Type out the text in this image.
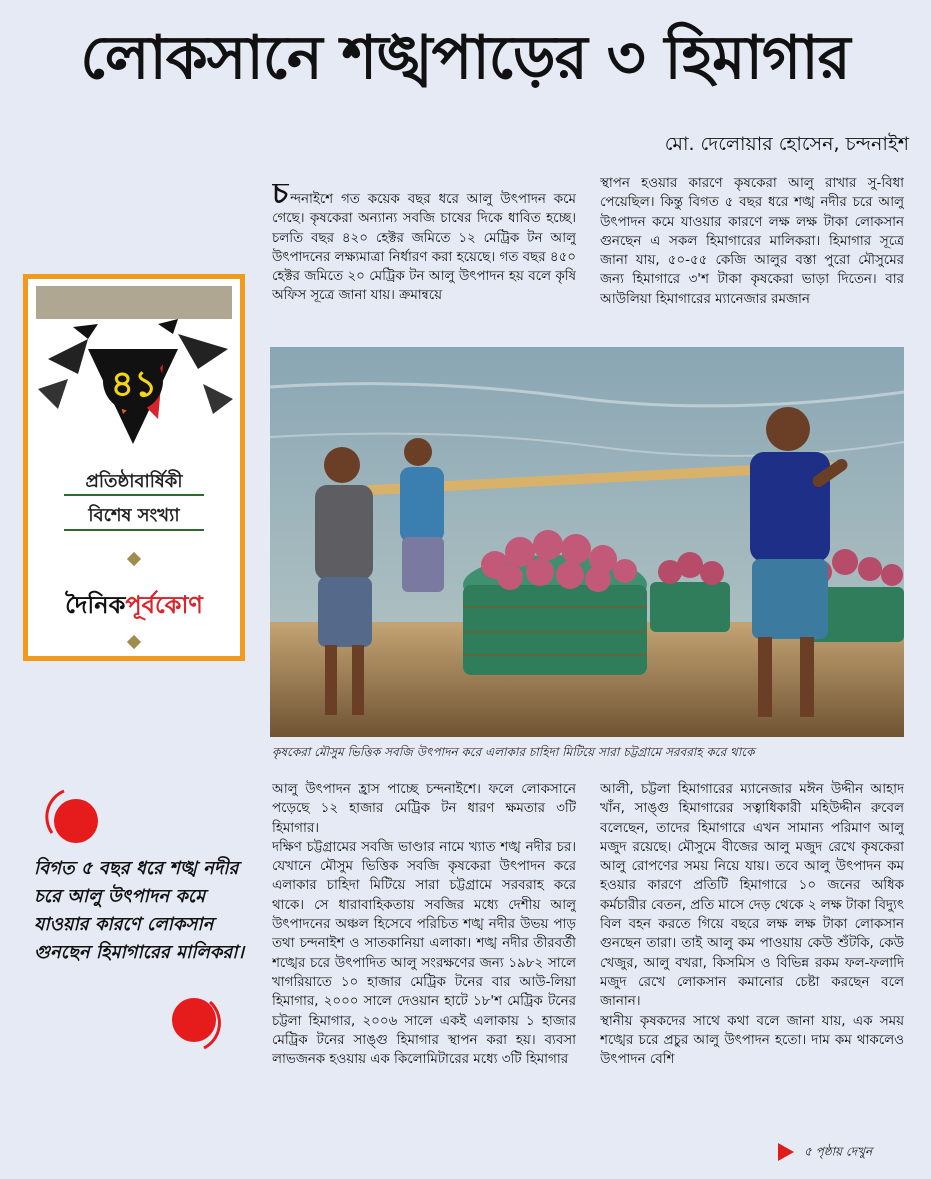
লোকসানে শঙ্খপাড়ের ৩ হিমাগার
মো. দেলোয়ার হোসেন, চন্দনাইশ

চন্দনাইশে গত কয়েক বছর ধরে আলু উৎপাদন কমে গেছে। কৃষকেরা অন্যান্য সবজি চাষের দিকে ধাবিত হচ্ছে। চলতি বছর ৪২০ হেক্টর জমিতে ১২ মেট্রিক টন আলু উৎপাদনের লক্ষ্যমাত্রা নির্ধারণ করা হয়েছে। গত বছর ৪৫০ হেক্টর জমিতে ২০ মেট্রিক টন আলু উৎপাদন হয় বলে কৃষি অফিস সূত্রে জানা যায়। ক্রমান্বয়ে

স্থাপন হওয়ার কারণে কৃষকেরা আলু রাখার সু-বিধা পেয়েছিল। কিন্তু বিগত ৫ বছর ধরে শঙ্খ নদীর চরে আলু উৎপাদন কমে যাওয়ার কারণে লক্ষ লক্ষ টাকা লোকসান গুনছেন এ সকল হিমাগারের মালিকরা। হিমাগার সূত্রে জানা যায়, ৫০-৫৫ কেজি আলুর বস্তা পুরো মৌসুমের জন্য হিমাগারে ৩'শ টাকা কৃষকেরা ভাড়া দিতেন। বার আউলিয়া হিমাগারের ম্যানেজার রমজান

কৃষকেরা মৌসুম ভিত্তিক সবজি উৎপাদন করে এলাকার চাহিদা মিটিয়ে সারা চট্টগ্রামে সরবরাহ করে থাকে

আলু উৎপাদন হ্রাস পাচ্ছে চন্দনাইশে। ফলে লোকসানে পড়েছে ১২ হাজার মেট্রিক টন ধারণ ক্ষমতার ৩টি হিমাগার।

দক্ষিণ চট্টগ্রামের সবজি ভাণ্ডার নামে খ্যাত শঙ্খ নদীর চর। যেখানে মৌসুম ভিত্তিক সবজি কৃষকেরা উৎপাদন করে এলাকার চাহিদা মিটিয়ে সারা চট্টগ্রামে সরবরাহ করে থাকে। সে ধারাবাহিকতায় সবজির মধ্যে দেশীয় আলু উৎপাদনের অঞ্চল হিসেবে পরিচিত শঙ্খ নদীর উভয় পাড় তথা চন্দনাইশ ও সাতকানিয়া এলাকা। শঙ্খ নদীর তীরবর্তী শঙ্খের চরে উৎপাদিত আলু সংরক্ষণের জন্য ১৯৮২ সালে খাগরিয়াতে ১০ হাজার মেট্রিক টনের বার আউ-লিয়া হিমাগার, ২০০০ সালে দেওয়ান হাটে ১৮'শ মেট্রিক টনের চট্টলা হিমাগার, ২০০৬ সালে একই এলাকায় ১ হাজার মেট্রিক টনের সাঙ্গু হিমাগার স্থাপন করা হয়। ব্যবসা লাভজনক হওয়ায় এক কিলোমিটারের মধ্যে ৩টি হিমাগার

আলী, চট্টলা হিমাগারের ম্যানেজার মঈন উদ্দীন আহাদ খাঁন, সাঙ্গু হিমাগারের সত্বাধিকারী মহিউদ্দীন রুবেল বলেছেন, তাদের হিমাগারে এখন সামান্য পরিমাণ আলু মজুদ রয়েছে। মৌসুমে বীজের আলু মজুদ রেখে কৃষকেরা আলু রোপণের সময় নিয়ে যায়। তবে আলু উৎপাদন কম হওয়ার কারণে প্রতিটি হিমাগারে ১০ জনের অধিক কর্মচারীর বেতন, প্রতি মাসে দেড় থেকে ২ লক্ষ টাকা বিদ্যুৎ বিল বহন করতে গিয়ে বছরে লক্ষ লক্ষ টাকা লোকসান গুনছেন তারা। তাই আলু কম পাওয়ায় কেউ শুঁটকি, কেউ খেজুর, আলু বখরা, কিসমিস ও বিভিন্ন রকম ফল-ফলাদি মজুদ রেখে লোকসান কমানোর চেষ্টা করছেন বলে জানান।

স্থানীয় কৃষকদের সাথে কথা বলে জানা যায়, এক সময় শঙ্খের চরে প্রচুর আলু উৎপাদন হতো। দাম কম থাকলেও উৎপাদন বেশি

৪১
প্রতিষ্ঠাবার্ষিকী
বিশেষ সংখ্যা
দৈনিকপূর্বকোণ
বিগত ৫ বছর ধরে শঙ্খ নদীর চরে আলু উৎপাদন কমে যাওয়ার কারণে লোকসান গুনছেন হিমাগারের মালিকরা।
৫ পৃষ্ঠায় দেখুন
